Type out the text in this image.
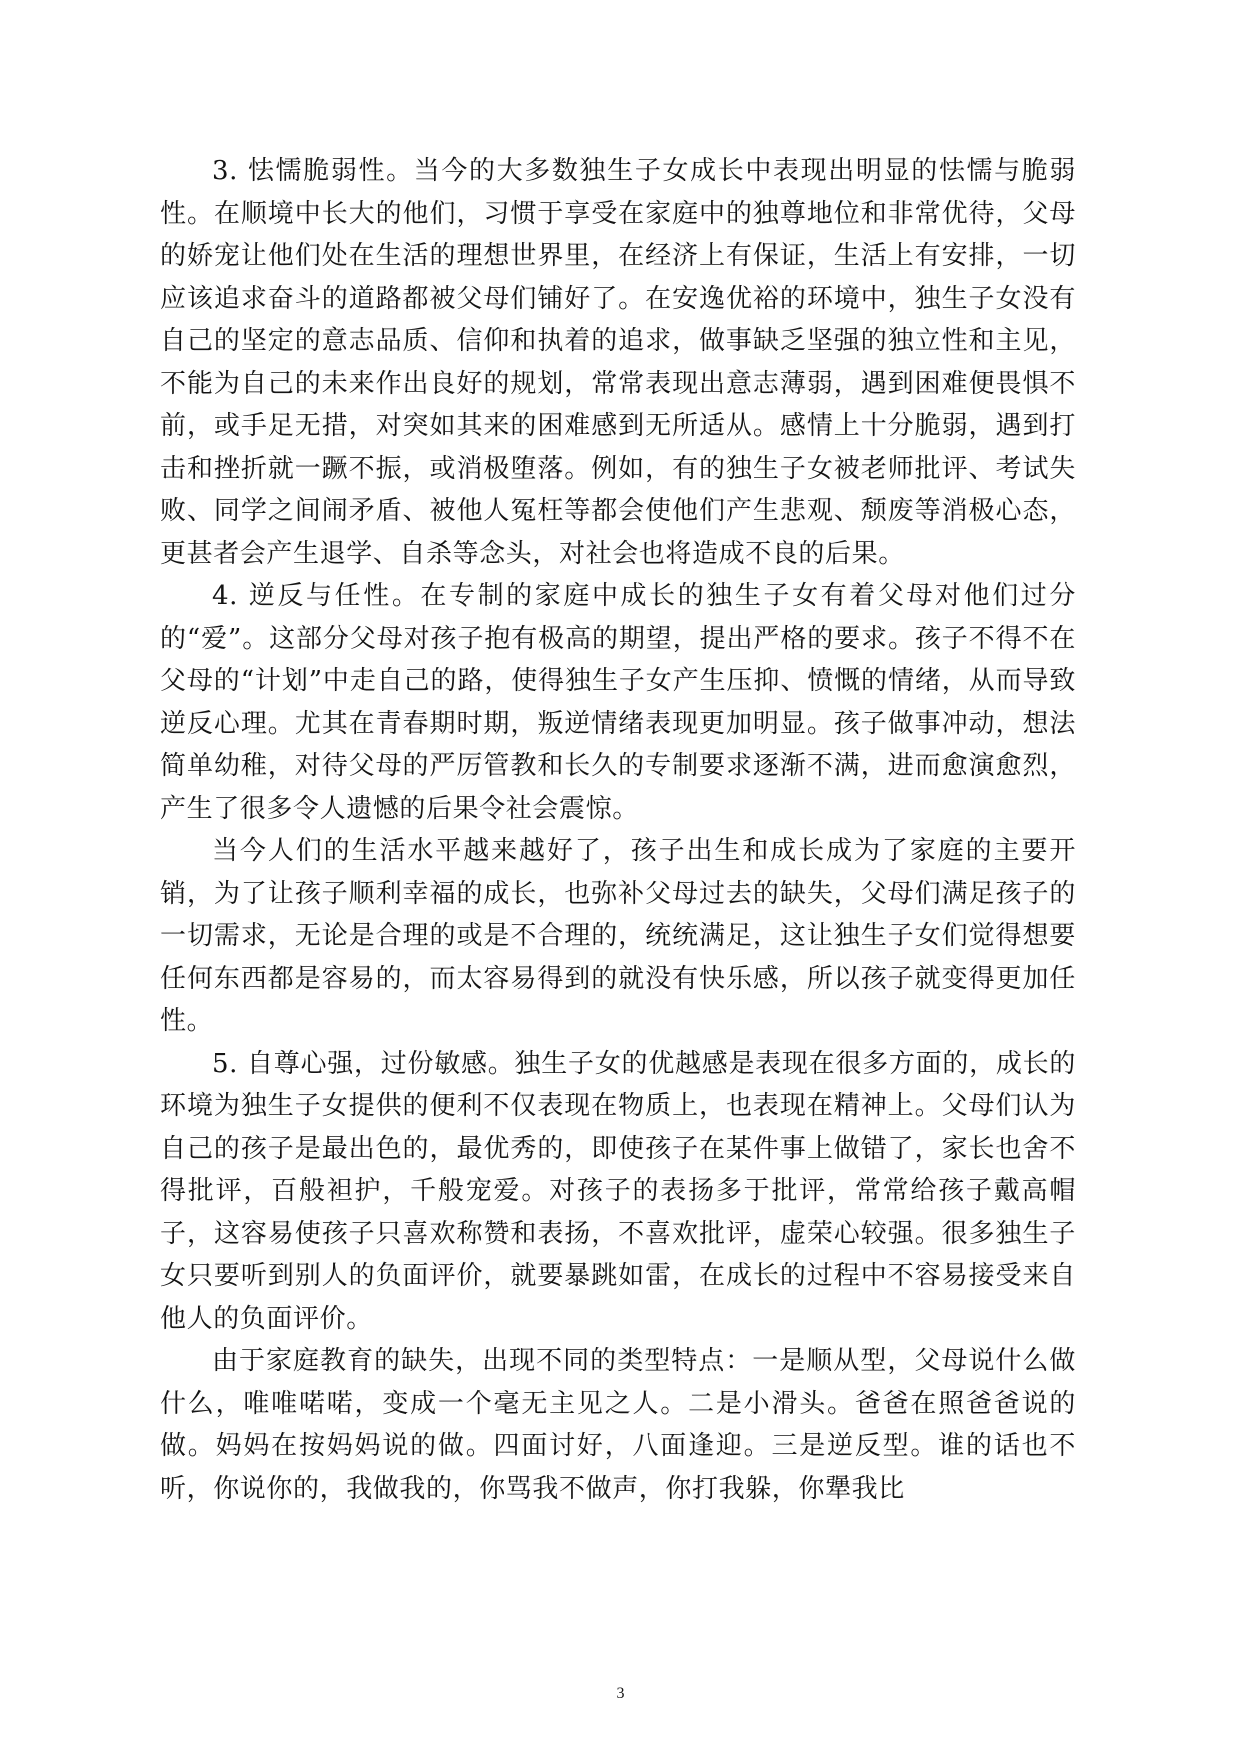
3. 怯懦脆弱性。当今的大多数独生子女成长中表现出明显的怯懦与脆弱性。在顺境中长大的他们，习惯于享受在家庭中的独尊地位和非常优待，父母的娇宠让他们处在生活的理想世界里，在经济上有保证，生活上有安排，一切应该追求奋斗的道路都被父母们铺好了。在安逸优裕的环境中，独生子女没有自己的坚定的意志品质、信仰和执着的追求，做事缺乏坚强的独立性和主见，不能为自己的未来作出良好的规划，常常表现出意志薄弱，遇到困难便畏惧不前，或手足无措，对突如其来的困难感到无所适从。感情上十分脆弱，遇到打击和挫折就一蹶不振，或消极堕落。例如，有的独生子女被老师批评、考试失败、同学之间闹矛盾、被他人冤枉等都会使他们产生悲观、颓废等消极心态，更甚者会产生退学、自杀等念头，对社会也将造成不良的后果。

4. 逆反与任性。在专制的家庭中成长的独生子女有着父母对他们过分的“爱”。这部分父母对孩子抱有极高的期望，提出严格的要求。孩子不得不在父母的“计划”中走自己的路，使得独生子女产生压抑、愤慨的情绪，从而导致逆反心理。尤其在青春期时期，叛逆情绪表现更加明显。孩子做事冲动，想法简单幼稚，对待父母的严厉管教和长久的专制要求逐渐不满，进而愈演愈烈，产生了很多令人遗憾的后果令社会震惊。

当今人们的生活水平越来越好了，孩子出生和成长成为了家庭的主要开销，为了让孩子顺利幸福的成长，也弥补父母过去的缺失，父母们满足孩子的一切需求，无论是合理的或是不合理的，统统满足，这让独生子女们觉得想要任何东西都是容易的，而太容易得到的就没有快乐感，所以孩子就变得更加任性。

5. 自尊心强，过份敏感。独生子女的优越感是表现在很多方面的，成长的环境为独生子女提供的便利不仅表现在物质上，也表现在精神上。父母们认为自己的孩子是最出色的，最优秀的，即使孩子在某件事上做错了，家长也舍不得批评，百般袒护，千般宠爱。对孩子的表扬多于批评，常常给孩子戴高帽子，这容易使孩子只喜欢称赞和表扬，不喜欢批评，虚荣心较强。很多独生子女只要听到别人的负面评价，就要暴跳如雷，在成长的过程中不容易接受来自他人的负面评价。

由于家庭教育的缺失，出现不同的类型特点：一是顺从型，父母说什么做什么，唯唯喏喏，变成一个毫无主见之人。二是小滑头。爸爸在照爸爸说的做。妈妈在按妈妈说的做。四面讨好，八面逢迎。三是逆反型。谁的话也不听，你说你的，我做我的，你骂我不做声，你打我躲，你犟我比

3
